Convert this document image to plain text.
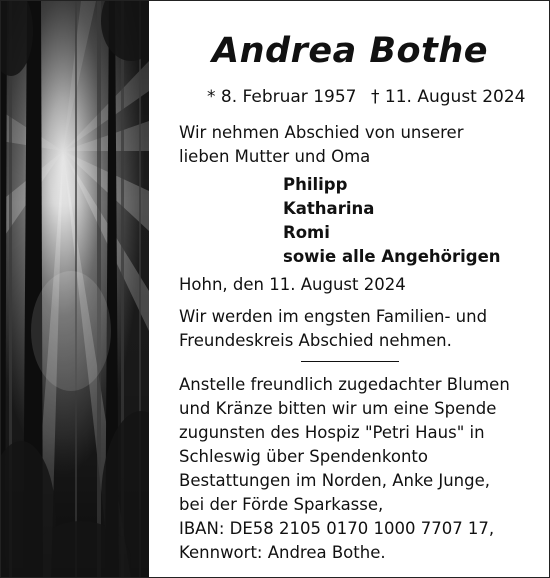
Andrea Bothe
* 8. Februar 1957 † 11. August 2024
Wir nehmen Abschied von unserer
lieben Mutter und Oma
Philipp
Katharina
Romi
sowie alle Angehörigen
Hohn, den 11. August 2024
Wir werden im engsten Familien- und
Freundeskreis Abschied nehmen.
Anstelle freundlich zugedachter Blumen
und Kränze bitten wir um eine Spende
zugunsten des Hospiz "Petri Haus" in
Schleswig über Spendenkonto
Bestattungen im Norden, Anke Junge,
bei der Förde Sparkasse,
IBAN: DE58 2105 0170 1000 7707 17,
Kennwort: Andrea Bothe.
